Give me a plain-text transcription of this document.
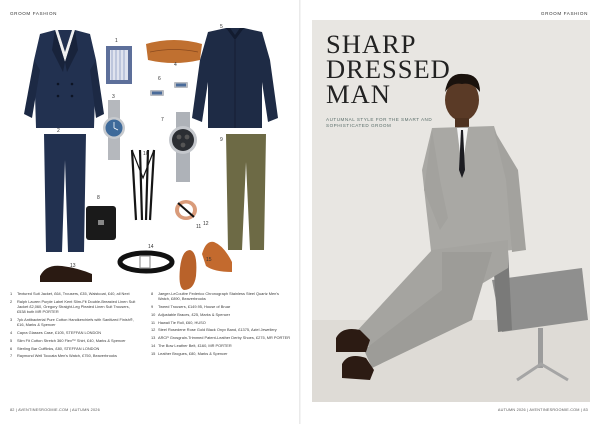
GROOM FASHION
1
2
3
4
5
6
7
8
9
10
11 12
13
14
15
1	Textured Suit Jacket, £64, Trousers, £35, Waistcoat, £40, all Next
2	Ralph Lauren Purple Label Kent Slim-Fit Double-Breasted Linen Suit Jacket £2,060, Gregory Straight-Leg Pleated Linen Suit Trousers, £538 both MR PORTER
3	7pk Antibacterial Pure Cotton Handkerchiefs with Sanitized Finish®, £16, Marks & Spencer
4	Capra Glasses Case, £105, STEFFAN LONDON
5	Slim Fit Cotton Stretch 360 Flex™ Shirt, £40, Marks & Spencer
6	Sterling Bar Cufflinks, £80, STEFFAN LONDON
7	Raymond Weil Toccata Men's Watch, £750, Beaverbrooks
8	Jaeger-LeCoultre Federico Chronograph Stainless Steel Quartz Men's Watch, £890, Beaverbrooks
9	Tweed Trousers, £149.95, House of Bruar
10 Adjustable Braces, £25, Marks & Spencer
11 Hawaii Tie Roll, £60, HUSO
12 Steel Rosedene Rose Gold Black Onyx Band, £1375, Aziel Jewellery
13 ARCP Grosgrain-Trimmed Patent-Leather Derby Shoes, £275, MR PORTER
14 The Bow Leather Belt, £160, MR PORTER
15 Leather Brogues, £80, Marks & Spencer
82 | AVENTINESROOMIE.COM | AUTUMN 2026
GROOM FASHION
SHARP
DRESSED
MAN
AUTUMNAL STYLE FOR THE SMART AND SOPHISTICATED GROOM
AUTUMN 2026 | AVENTINESROOMIE.COM | 83
